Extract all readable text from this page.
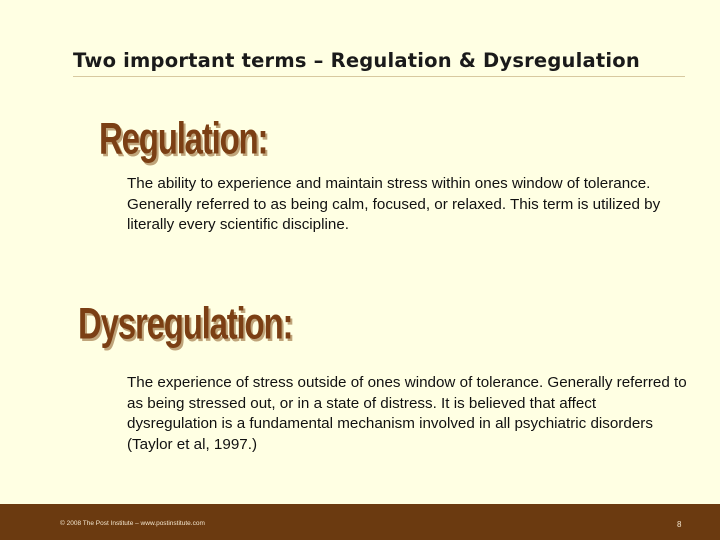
Two important terms – Regulation & Dysregulation
Regulation:
The ability to experience and maintain stress within ones window of tolerance. Generally referred to as being calm, focused, or relaxed. This term is utilized by literally every scientific discipline.
Dysregulation:
The experience of stress outside of ones window of tolerance. Generally referred to as being stressed out, or in a state of distress. It is believed that affect dysregulation is a fundamental mechanism involved in all psychiatric disorders (Taylor et al, 1997.)
© 2008 The Post Institute – www.postinstitute.com	8
